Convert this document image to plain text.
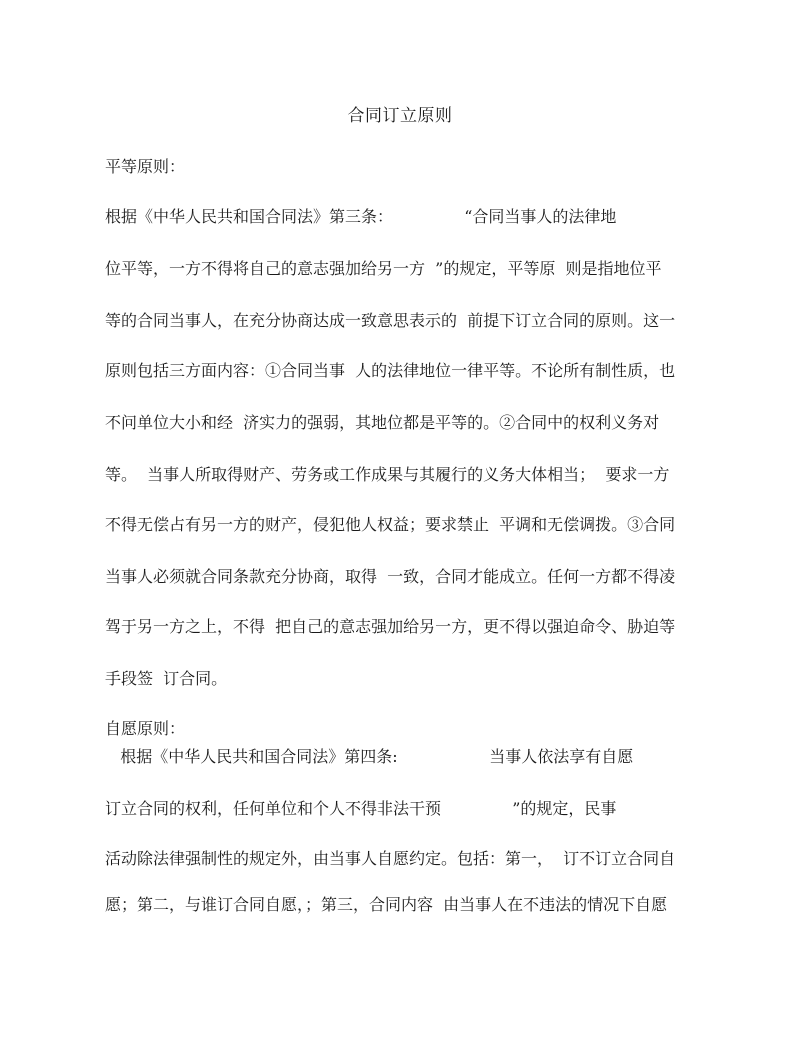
合同订立原则
平等原则：
根据《中华人民共和国合同法》第三条：              “合同当事人的法律地
位平等，一方不得将自己的意志强加给另一方  ”的规定，平等原  则是指地位平
等的合同当事人，在充分协商达成一致意思表示的  前提下订立合同的原则。这一
原则包括三方面内容：①合同当事  人的法律地位一律平等。不论所有制性质，也
不问单位大小和经  济实力的强弱，其地位都是平等的。②合同中的权利义务对
等。  当事人所取得财产、劳务或工作成果与其履行的义务大体相当；  要求一方
不得无偿占有另一方的财产，侵犯他人权益；要求禁止  平调和无偿调拨。③合同
当事人必须就合同条款充分协商，取得  一致，合同才能成立。任何一方都不得凌
驾于另一方之上，不得  把自己的意志强加给另一方，更不得以强迫命令、胁迫等
手段签  订合同。
自愿原则：
根据《中华人民共和国合同法》第四条:                  当事人依法享有自愿
订立合同的权利，任何单位和个人不得非法干预              ”的规定，民事
活动除法律强制性的规定外，由当事人自愿约定。包括：第一，  订不订立合同自
愿；第二，与谁订合同自愿，；第三，合同内容  由当事人在不违法的情况下自愿
